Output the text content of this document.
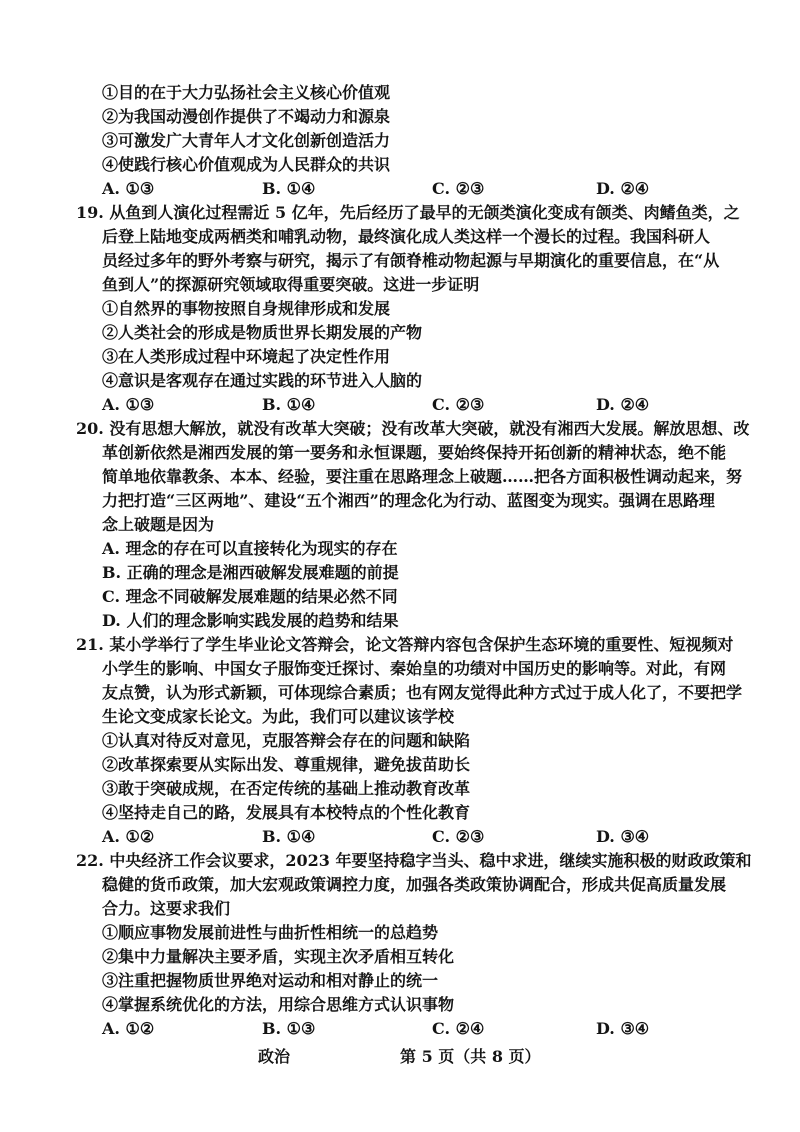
①目的在于大力弘扬社会主义核心价值观
②为我国动漫创作提供了不竭动力和源泉
③可激发广大青年人才文化创新创造活力
④使践行核心价值观成为人民群众的共识
A. ①③	B. ①④	C. ②③	D. ②④
19. 从鱼到人演化过程需近 5 亿年，先后经历了最早的无颌类演化变成有颌类、肉鳍鱼类，之
后登上陆地变成两栖类和哺乳动物，最终演化成人类这样一个漫长的过程。我国科研人
员经过多年的野外考察与研究，揭示了有颌脊椎动物起源与早期演化的重要信息，在“从
鱼到人”的探源研究领域取得重要突破。这进一步证明
①自然界的事物按照自身规律形成和发展
②人类社会的形成是物质世界长期发展的产物
③在人类形成过程中环境起了决定性作用
④意识是客观存在通过实践的环节进入人脑的
A. ①③	B. ①④	C. ②③	D. ②④
20. 没有思想大解放，就没有改革大突破；没有改革大突破，就没有湘西大发展。解放思想、改
革创新依然是湘西发展的第一要务和永恒课题，要始终保持开拓创新的精神状态，绝不能
简单地依靠教条、本本、经验，要注重在思路理念上破题……把各方面积极性调动起来，努
力把打造“三区两地”、建设“五个湘西”的理念化为行动、蓝图变为现实。强调在思路理
念上破题是因为
A. 理念的存在可以直接转化为现实的存在
B. 正确的理念是湘西破解发展难题的前提
C. 理念不同破解发展难题的结果必然不同
D. 人们的理念影响实践发展的趋势和结果
21. 某小学举行了学生毕业论文答辩会，论文答辩内容包含保护生态环境的重要性、短视频对
小学生的影响、中国女子服饰变迁探讨、秦始皇的功绩对中国历史的影响等。对此，有网
友点赞，认为形式新颖，可体现综合素质；也有网友觉得此种方式过于成人化了，不要把学
生论文变成家长论文。为此，我们可以建议该学校
①认真对待反对意见，克服答辩会存在的问题和缺陷
②改革探索要从实际出发、尊重规律，避免拔苗助长
③敢于突破成规，在否定传统的基础上推动教育改革
④坚持走自己的路，发展具有本校特点的个性化教育
A. ①②	B. ①④	C. ②③	D. ③④
22. 中央经济工作会议要求，2023 年要坚持稳字当头、稳中求进，继续实施积极的财政政策和
稳健的货币政策，加大宏观政策调控力度，加强各类政策协调配合，形成共促高质量发展
合力。这要求我们
①顺应事物发展前进性与曲折性相统一的总趋势
②集中力量解决主要矛盾，实现主次矛盾相互转化
③注重把握物质世界绝对运动和相对静止的统一
④掌握系统优化的方法，用综合思维方式认识事物
A. ①②	B. ①③	C. ②④	D. ③④
政治	第 5 页（共 8 页）
